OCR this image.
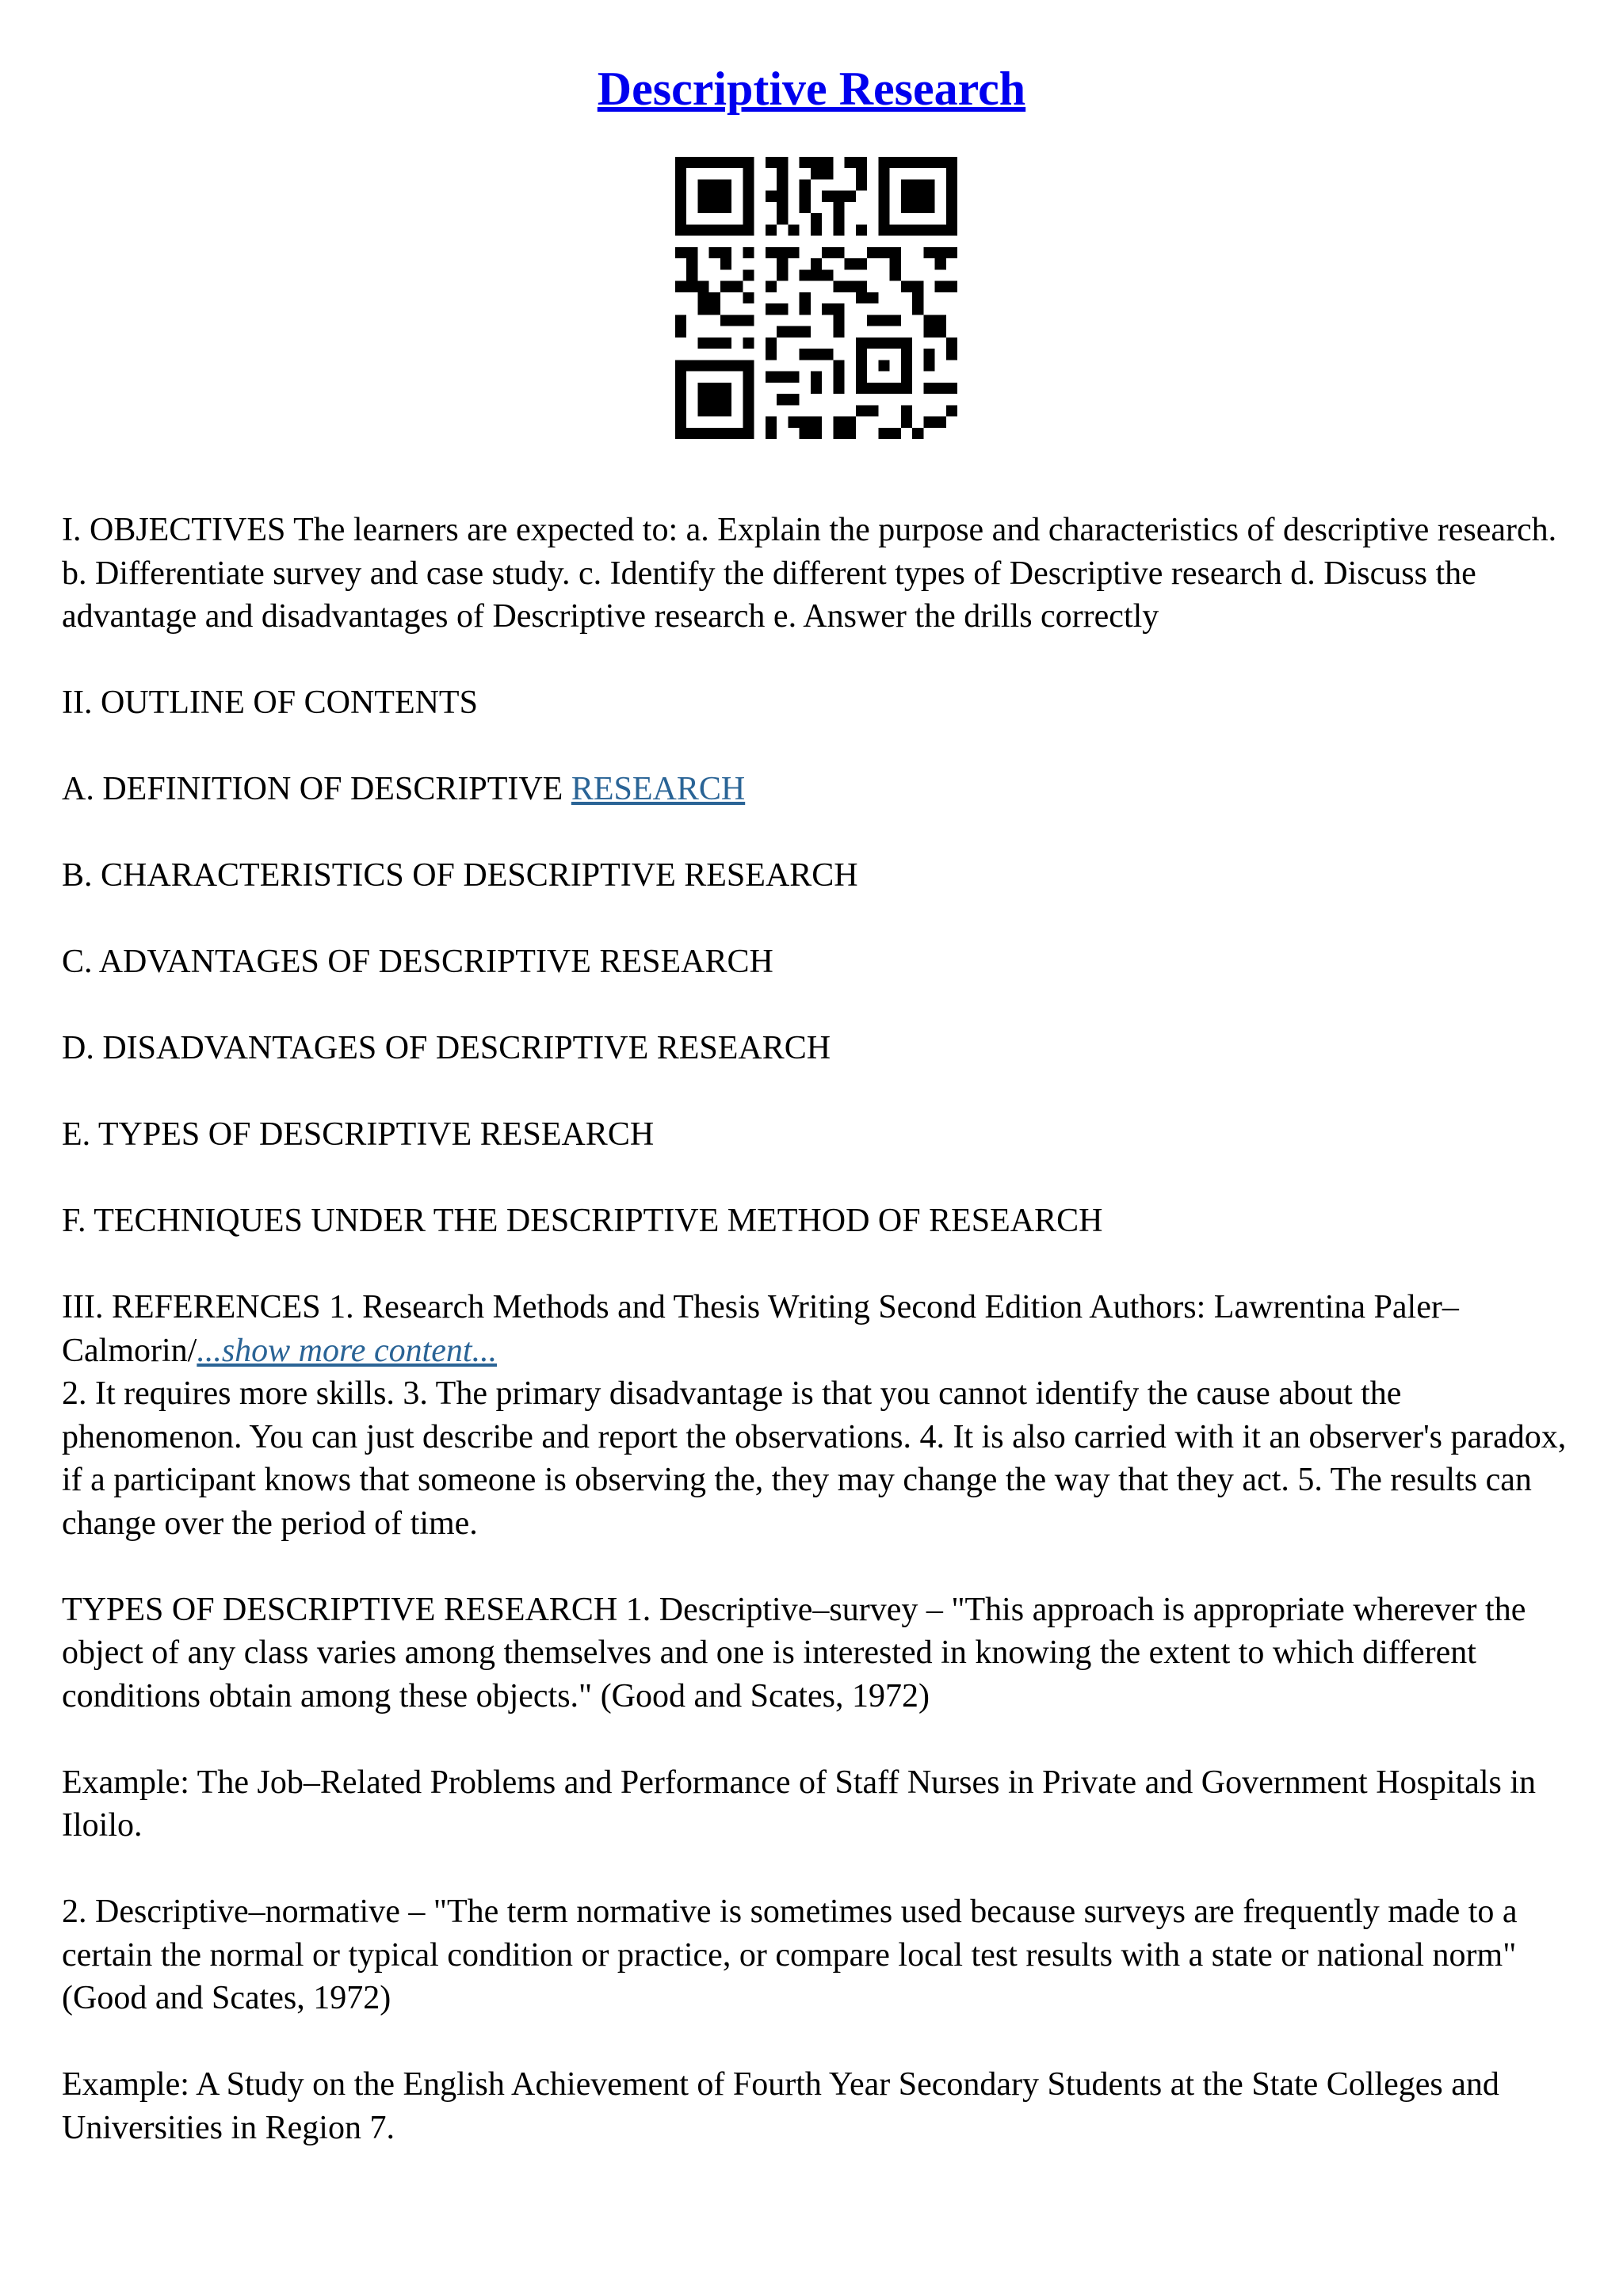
Descriptive Research

I. OBJECTIVES The learners are expected to: a. Explain the purpose and characteristics of descriptive research. b. Differentiate survey and case study. c. Identify the different types of Descriptive research d. Discuss the advantage and disadvantages of Descriptive research e. Answer the drills correctly

II. OUTLINE OF CONTENTS

A. DEFINITION OF DESCRIPTIVE RESEARCH

B. CHARACTERISTICS OF DESCRIPTIVE RESEARCH

C. ADVANTAGES OF DESCRIPTIVE RESEARCH

D. DISADVANTAGES OF DESCRIPTIVE RESEARCH

E. TYPES OF DESCRIPTIVE RESEARCH

F. TECHNIQUES UNDER THE DESCRIPTIVE METHOD OF RESEARCH

III. REFERENCES 1. Research Methods and Thesis Writing Second Edition Authors: Lawrentina Paler–Calmorin/...show more content...

2. It requires more skills. 3. The primary disadvantage is that you cannot identify the cause about the phenomenon. You can just describe and report the observations. 4. It is also carried with it an observer's paradox, if a participant knows that someone is observing the, they may change the way that they act. 5. The results can change over the period of time.

TYPES OF DESCRIPTIVE RESEARCH 1. Descriptive–survey – "This approach is appropriate wherever the object of any class varies among themselves and one is interested in knowing the extent to which different conditions obtain among these objects." (Good and Scates, 1972)

Example: The Job–Related Problems and Performance of Staff Nurses in Private and Government Hospitals in Iloilo.

2. Descriptive–normative – "The term normative is sometimes used because surveys are frequently made to a certain the normal or typical condition or practice, or compare local test results with a state or national norm" (Good and Scates, 1972)

Example: A Study on the English Achievement of Fourth Year Secondary Students at the State Colleges and Universities in Region 7.
